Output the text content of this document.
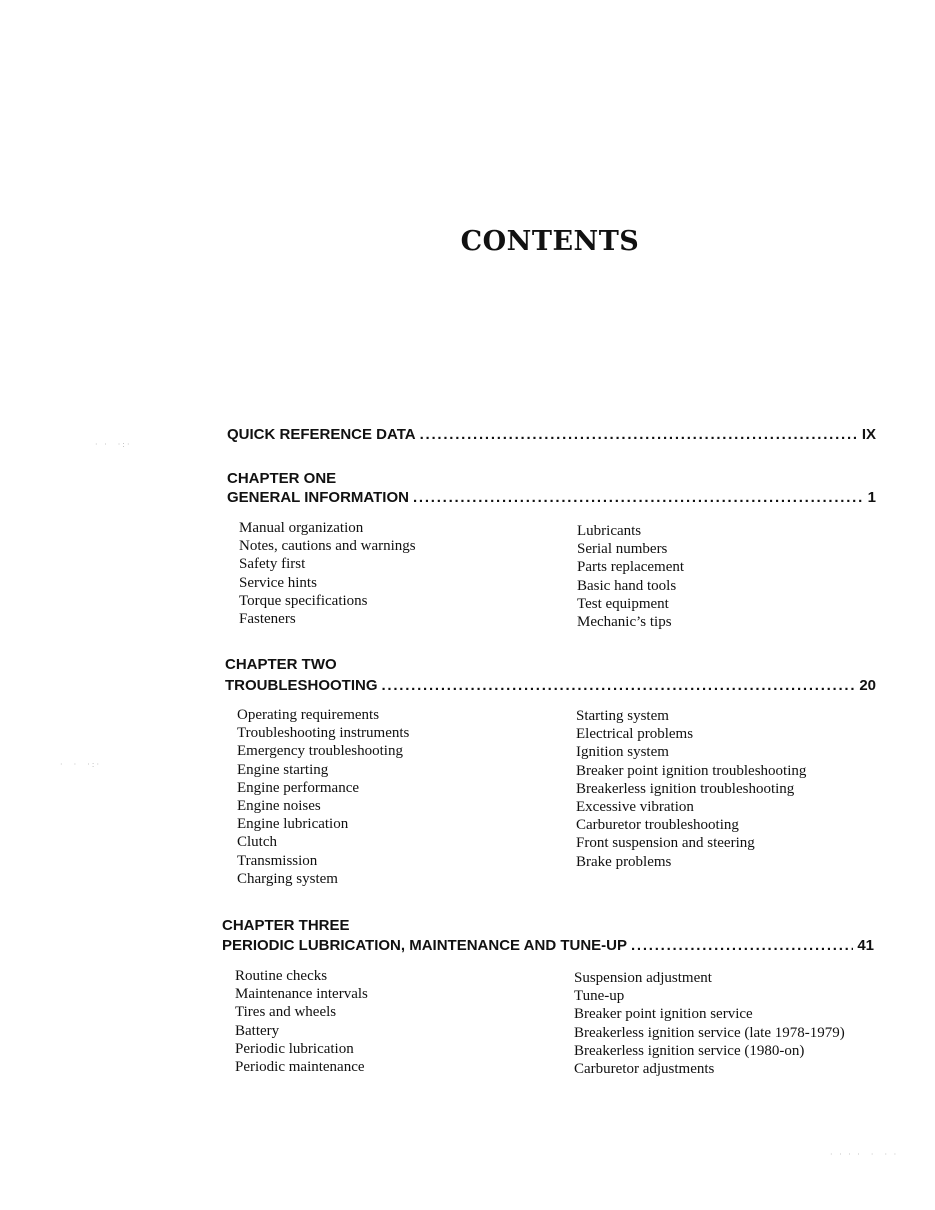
CONTENTS
QUICK REFERENCE DATA . . .	IX
CHAPTER ONE
GENERAL INFORMATION . . .	1
Manual organization
Notes, cautions and warnings
Safety first
Service hints
Torque specifications
Fasteners
Lubricants
Serial numbers
Parts replacement
Basic hand tools
Test equipment
Mechanic’s tips
CHAPTER TWO
TROUBLESHOOTING . . .	20
Operating requirements
Troubleshooting instruments
Emergency troubleshooting
Engine starting
Engine performance
Engine noises
Engine lubrication
Clutch
Transmission
Charging system
Starting system
Electrical problems
Ignition system
Breaker point ignition troubleshooting
Breakerless ignition troubleshooting
Excessive vibration
Carburetor troubleshooting
Front suspension and steering
Brake problems
CHAPTER THREE
PERIODIC LUBRICATION, MAINTENANCE AND TUNE-UP . . .	41
Routine checks
Maintenance intervals
Tires and wheels
Battery
Periodic lubrication
Periodic maintenance
Suspension adjustment
Tune-up
Breaker point ignition service
Breakerless ignition service (late 1978-1979)
Breakerless ignition service (1980-on)
Carburetor adjustments
· ·  ·:·
·  ·  ·:·
· · · ·  ·  · ·
